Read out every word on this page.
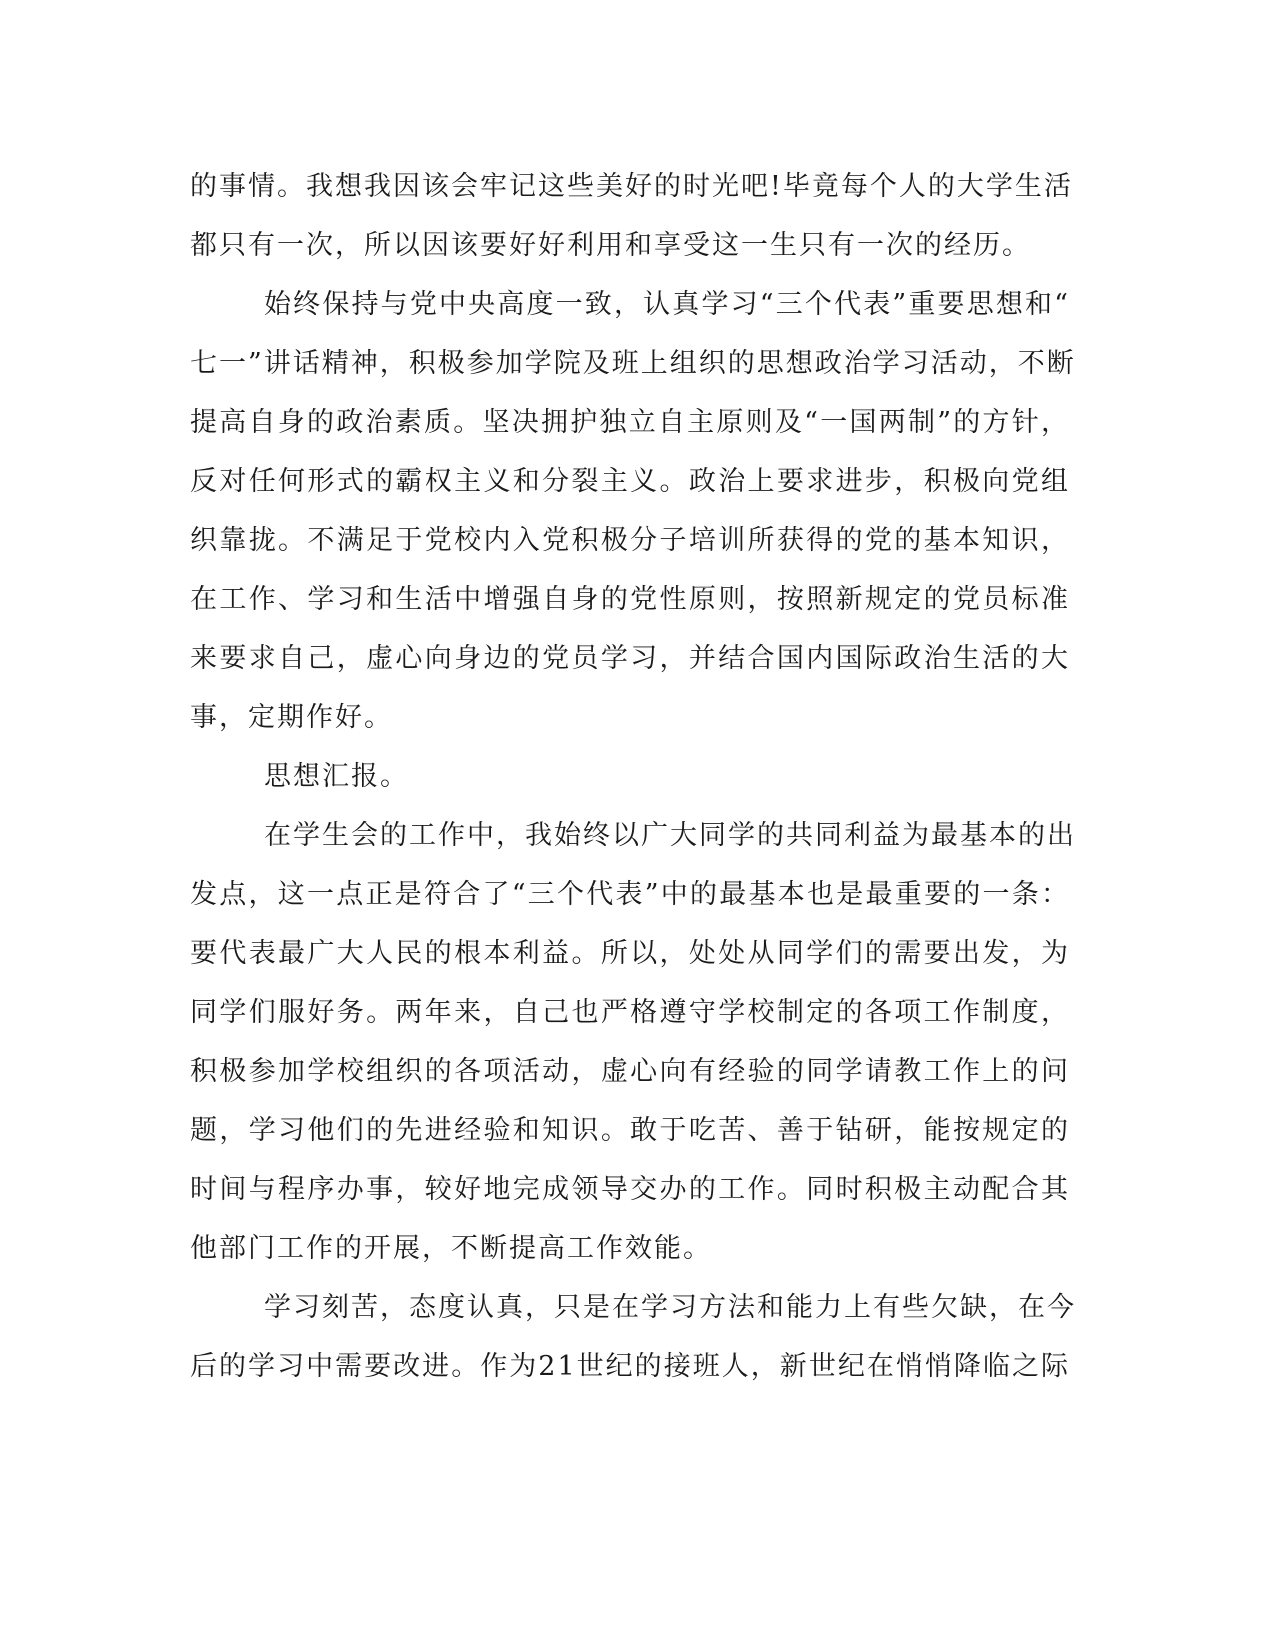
的事情。我想我因该会牢记这些美好的时光吧!毕竟每个人的大学生活
都只有一次，所以因该要好好利用和享受这一生只有一次的经历。
始终保持与党中央高度一致，认真学习“三个代表”重要思想和“
七一”讲话精神，积极参加学院及班上组织的思想政治学习活动，不断
提高自身的政治素质。坚决拥护独立自主原则及“一国两制”的方针，
反对任何形式的霸权主义和分裂主义。政治上要求进步，积极向党组
织靠拢。不满足于党校内入党积极分子培训所获得的党的基本知识，
在工作、学习和生活中增强自身的党性原则，按照新规定的党员标准
来要求自己，虚心向身边的党员学习，并结合国内国际政治生活的大
事，定期作好。
思想汇报。
在学生会的工作中，我始终以广大同学的共同利益为最基本的出
发点，这一点正是符合了“三个代表”中的最基本也是最重要的一条：
要代表最广大人民的根本利益。所以，处处从同学们的需要出发，为
同学们服好务。两年来，自己也严格遵守学校制定的各项工作制度，
积极参加学校组织的各项活动，虚心向有经验的同学请教工作上的问
题，学习他们的先进经验和知识。敢于吃苦、善于钻研，能按规定的
时间与程序办事，较好地完成领导交办的工作。同时积极主动配合其
他部门工作的开展，不断提高工作效能。
学习刻苦，态度认真，只是在学习方法和能力上有些欠缺，在今
后的学习中需要改进。作为21世纪的接班人，新世纪在悄悄降临之际
